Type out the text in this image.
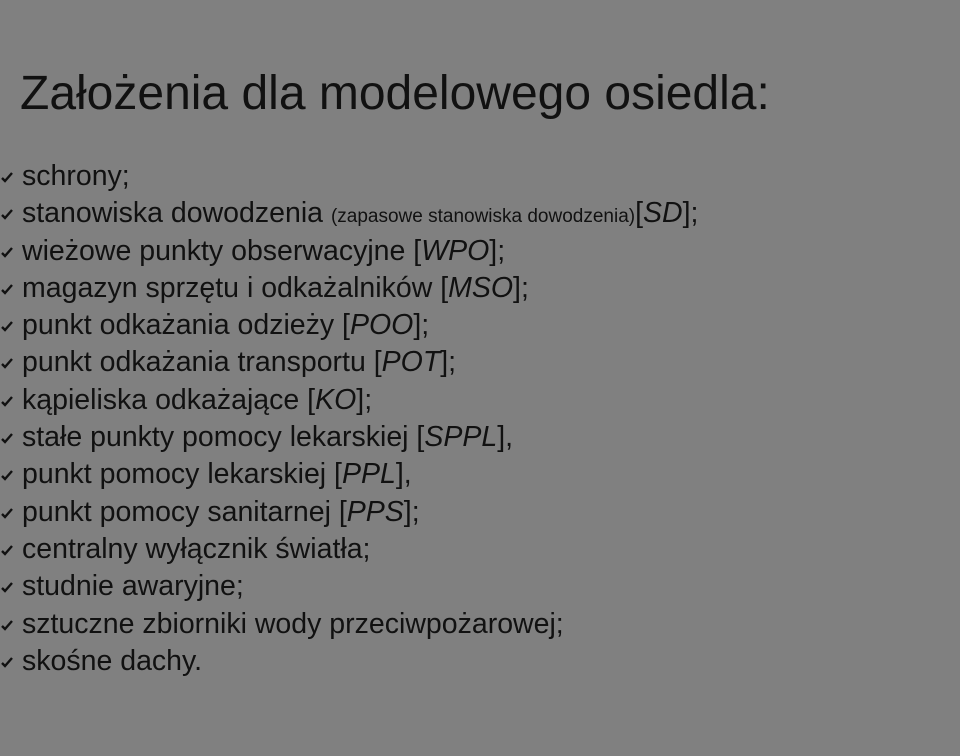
Założenia dla modelowego osiedla:
schrony;
stanowiska dowodzenia (zapasowe stanowiska dowodzenia)[SD];
wieżowe punkty obserwacyjne [WPO];
magazyn sprzętu i odkażalników [MSO];
punkt odkażania odzieży [POO];
punkt odkażania transportu [POT];
kąpieliska odkażające [KO];
stałe punkty pomocy lekarskiej [SPPL],
punkt pomocy lekarskiej [PPL],
punkt pomocy sanitarnej [PPS];
centralny wyłącznik światła;
studnie awaryjne;
sztuczne zbiorniki wody przeciwpożarowej;
skośne dachy.
